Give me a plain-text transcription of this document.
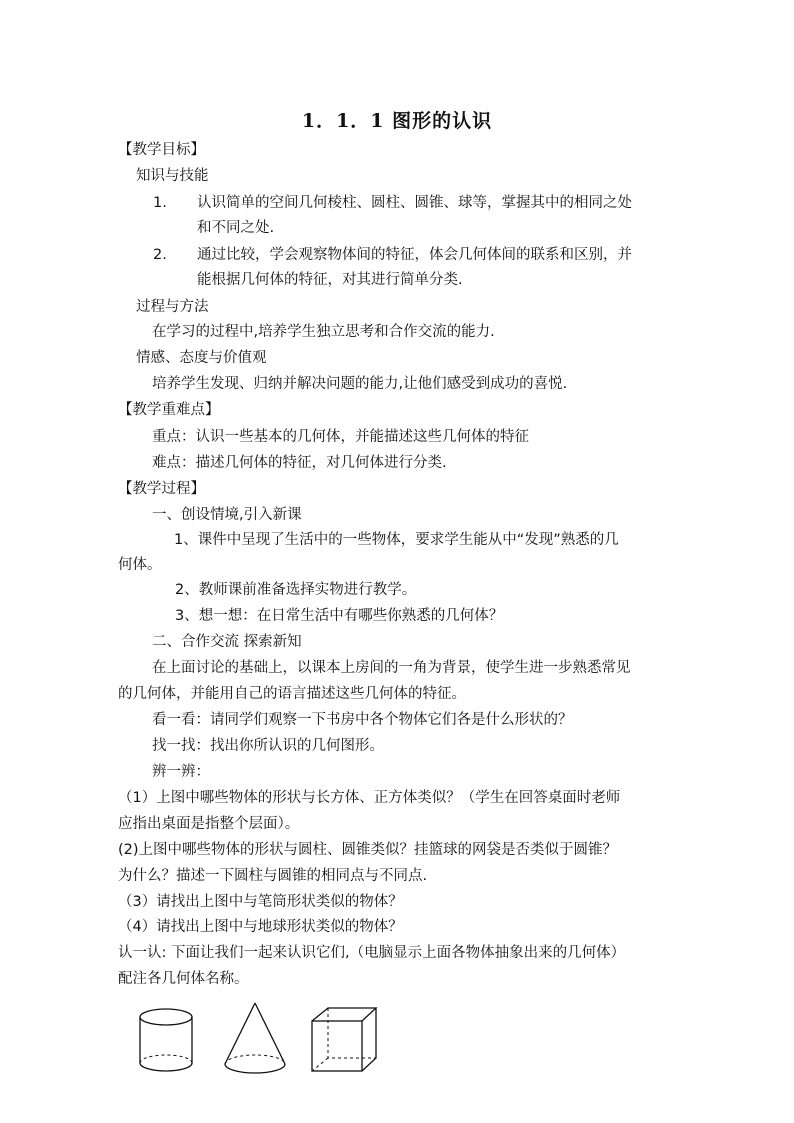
1．1．1 图形的认识
【教学目标】
知识与技能
1. 认识简单的空间几何棱柱、圆柱、圆锥、球等，掌握其中的相同之处
和不同之处.
2. 通过比较，学会观察物体间的特征，体会几何体间的联系和区别，并
能根据几何体的特征，对其进行简单分类.
过程与方法
在学习的过程中,培养学生独立思考和合作交流的能力.
情感、态度与价值观
培养学生发现、归纳并解决问题的能力,让他们感受到成功的喜悦.
【教学重难点】
重点：认识一些基本的几何体，并能描述这些几何体的特征
难点：描述几何体的特征，对几何体进行分类.
【教学过程】
一、创设情境,引入新课
1、课件中呈现了生活中的一些物体，要求学生能从中“发现”熟悉的几
何体。
2、教师课前准备选择实物进行教学。
3、想一想：在日常生活中有哪些你熟悉的几何体？
二、合作交流 探索新知
在上面讨论的基础上，以课本上房间的一角为背景，使学生进一步熟悉常见
的几何体，并能用自己的语言描述这些几何体的特征。
看一看：请同学们观察一下书房中各个物体它们各是什么形状的？
找一找：找出你所认识的几何图形。
辨一辨：
（1）上图中哪些物体的形状与长方体、正方体类似？（学生在回答桌面时老师
应指出桌面是指整个层面）。
(2)上图中哪些物体的形状与圆柱、圆锥类似？挂篮球的网袋是否类似于圆锥？
为什么？描述一下圆柱与圆锥的相同点与不同点.
（3）请找出上图中与笔筒形状类似的物体？
（4）请找出上图中与地球形状类似的物体？
认一认: 下面让我们一起来认识它们,（电脑显示上面各物体抽象出来的几何体）
配注各几何体名称。
